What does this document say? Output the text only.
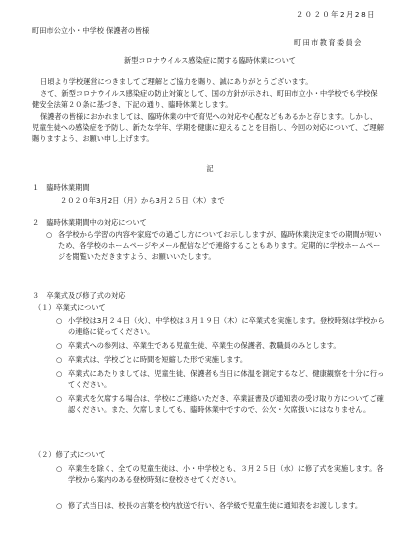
２０２０年2月28日
町田市公立小・中学校 保護者の皆様
町田市教育委員会
新型コロナウイルス感染症に関する臨時休業について

日頃より学校運営につきましてご理解とご協力を賜り、誠にありがとうございます。

さて、新型コロナウイルス感染症の防止対策として、国の方針が示され、町田市立小・中学校でも学校保健安全法第２０条に基づき、下記の通り、臨時休業とします。

保護者の皆様におかれましては、臨時休業の中で育児への対応や心配などもあるかと存じます。しかし、児童生徒への感染症を予防し、新たな学年、学期を健康に迎えることを目指し、今回の対応について、ご理解賜りますよう、お願い申し上げます。

記
１　臨時休業期間
２０２０年3月2日（月）から3月２５日（木）まで
２　臨時休業期間中の対応について
○ 各学校から学習の内容や家庭での過ごし方についてお示ししますが、臨時休業決定までの期間が短いため、各学校のホームページやメール配信などで連絡することもあります。定期的に学校ホームページを閲覧いただきますよう、お願いいたします。
３　卒業式及び修了式の対応
（１）卒業式について
○ 小学校は3月２４日（火）、中学校は３月１９日（木）に卒業式を実施します。登校時刻は学校からの連絡に従ってください。
○ 卒業式への参列は、卒業生である児童生徒、卒業生の保護者、教職員のみとします。
○ 卒業式は、学校ごとに時間を短縮した形で実施します。
○ 卒業式にあたりましては、児童生徒、保護者も当日に体温を測定するなど、健康観察を十分に行ってください。
○ 卒業式を欠席する場合は、学校にご連絡いただき、卒業証書及び通知表の受け取り方についてご確認ください。また、欠席しましても、臨時休業中ですので、公欠・欠席扱いにはなりません。
（２）修了式について
○ 卒業生を除く、全ての児童生徒は、小・中学校とも、３月２５日（水）に修了式を実施します。各学校から案内のある登校時刻に登校させてください。
○ 修了式当日は、校長の言葉を校内放送で行い、各学級で児童生徒に通知表をお渡しします。
